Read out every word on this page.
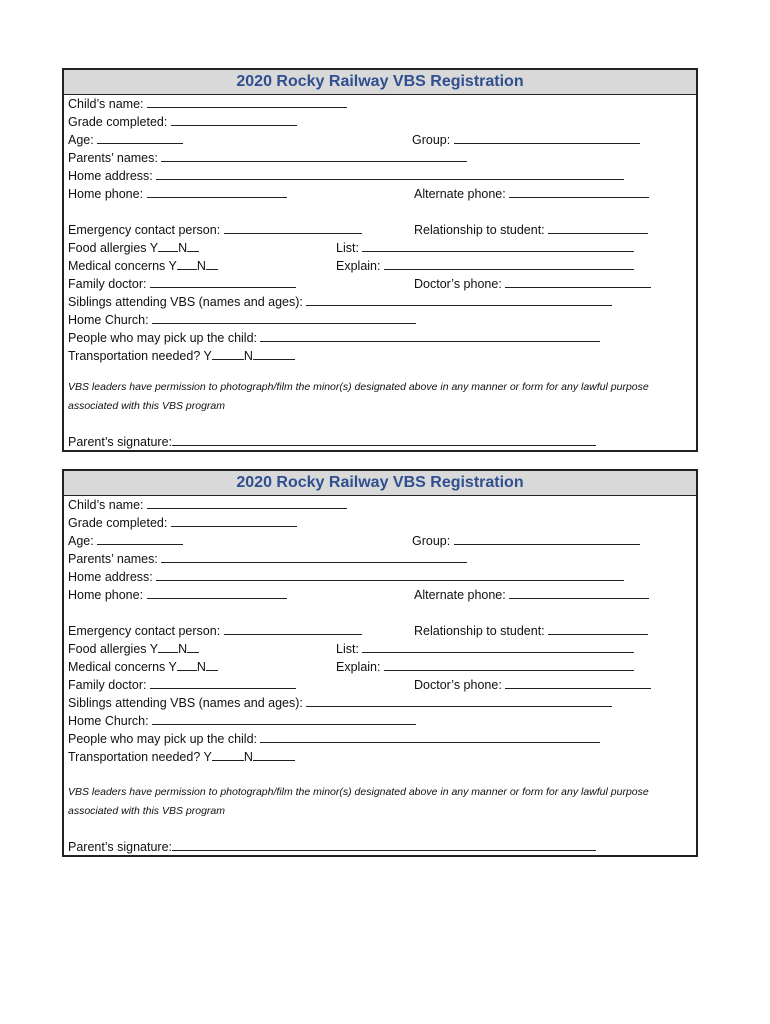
2020 Rocky Railway VBS Registration
Child’s name:
Grade completed:
Age:	Group:
Parents’ names:
Home address:
Home phone:	Alternate phone:
Emergency contact person:	Relationship to student:
Food allergies Y N	List:
Medical concerns Y N	Explain:
Family doctor:	Doctor’s phone:
Siblings attending VBS (names and ages):
Home Church:
People who may pick up the child:
Transportation needed? Y	N
VBS leaders have permission to photograph/film the minor(s) designated above in any manner or form for any lawful purpose
associated with this VBS program
Parent’s signature:
2020 Rocky Railway VBS Registration
Child’s name:
Grade completed:
Age:	Group:
Parents’ names:
Home address:
Home phone:	Alternate phone:
Emergency contact person:	Relationship to student:
Food allergies Y N	List:
Medical concerns Y N	Explain:
Family doctor:	Doctor’s phone:
Siblings attending VBS (names and ages):
Home Church:
People who may pick up the child:
Transportation needed? Y	N
VBS leaders have permission to photograph/film the minor(s) designated above in any manner or form for any lawful purpose
associated with this VBS program
Parent’s signature:
